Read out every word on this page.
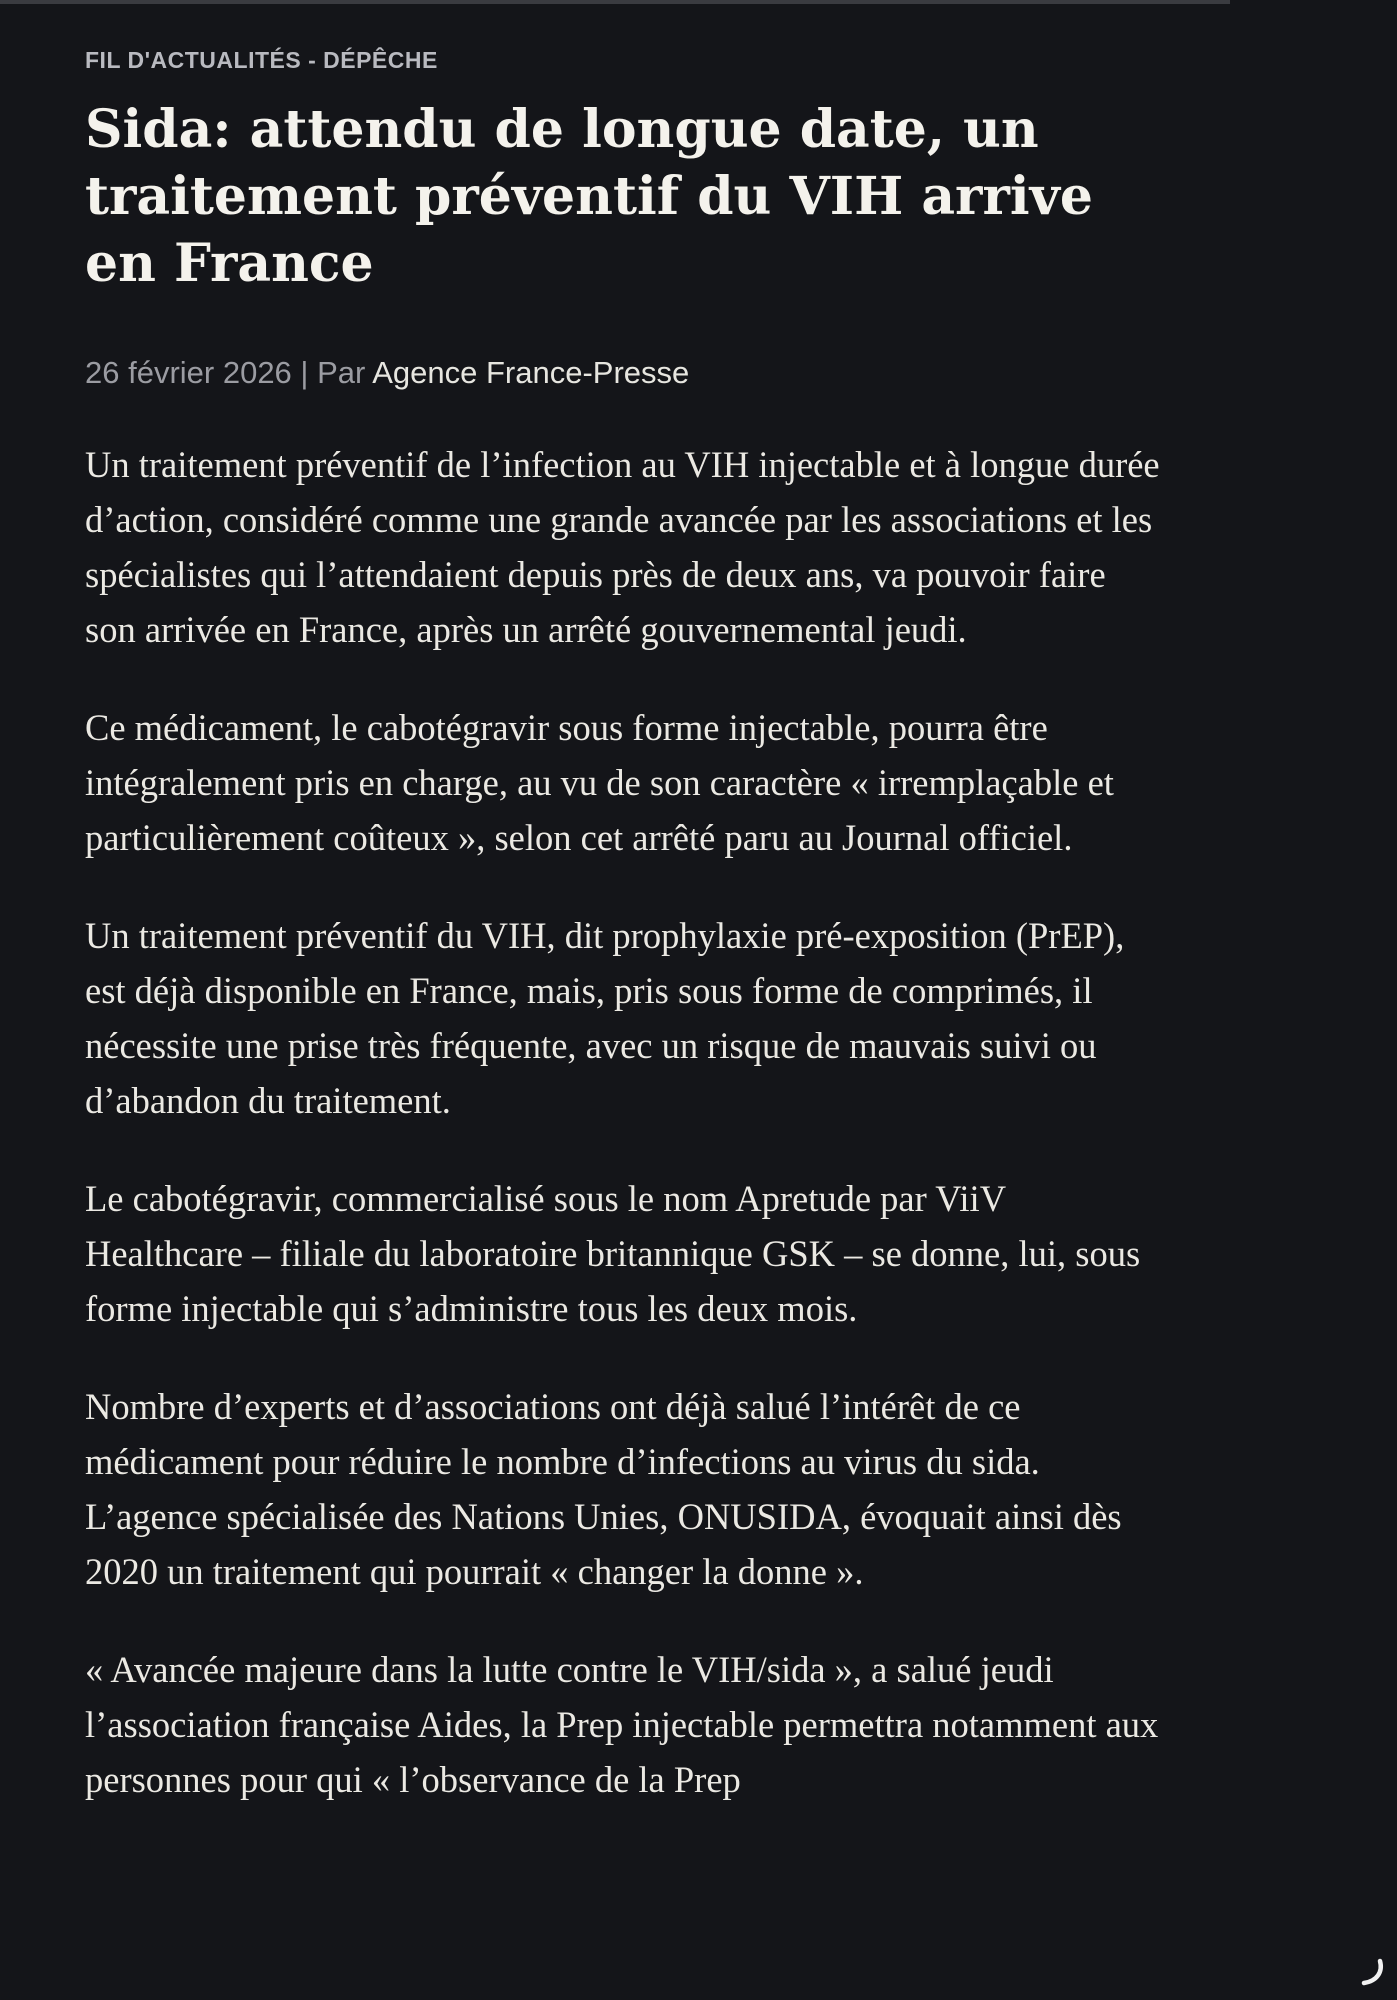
FIL D'ACTUALITÉS - DÉPÊCHE
Sida: attendu de longue date, un traitement préventif du VIH arrive en France
26 février 2026 | Par Agence France-Presse

Un traitement préventif de l’infection au VIH injectable et à longue durée d’action, considéré comme une grande avancée par les associations et les spécialistes qui l’attendaient depuis près de deux ans, va pouvoir faire son arrivée en France, après un arrêté gouvernemental jeudi.

Ce médicament, le cabotégravir sous forme injectable, pourra être intégralement pris en charge, au vu de son caractère « irremplaçable et particulièrement coûteux », selon cet arrêté paru au Journal officiel.

Un traitement préventif du VIH, dit prophylaxie pré-exposition (PrEP), est déjà disponible en France, mais, pris sous forme de comprimés, il nécessite une prise très fréquente, avec un risque de mauvais suivi ou d’abandon du traitement.

Le cabotégravir, commercialisé sous le nom Apretude par ViiV Healthcare – filiale du laboratoire britannique GSK – se donne, lui, sous forme injectable qui s’administre tous les deux mois.

Nombre d’experts et d’associations ont déjà salué l’intérêt de ce médicament pour réduire le nombre d’infections au virus du sida. L’agence spécialisée des Nations Unies, ONUSIDA, évoquait ainsi dès 2020 un traitement qui pourrait « changer la donne ».

« Avancée majeure dans la lutte contre le VIH/sida », a salué jeudi l’association française Aides, la Prep injectable permettra notamment aux personnes pour qui « l’observance de la Prep
